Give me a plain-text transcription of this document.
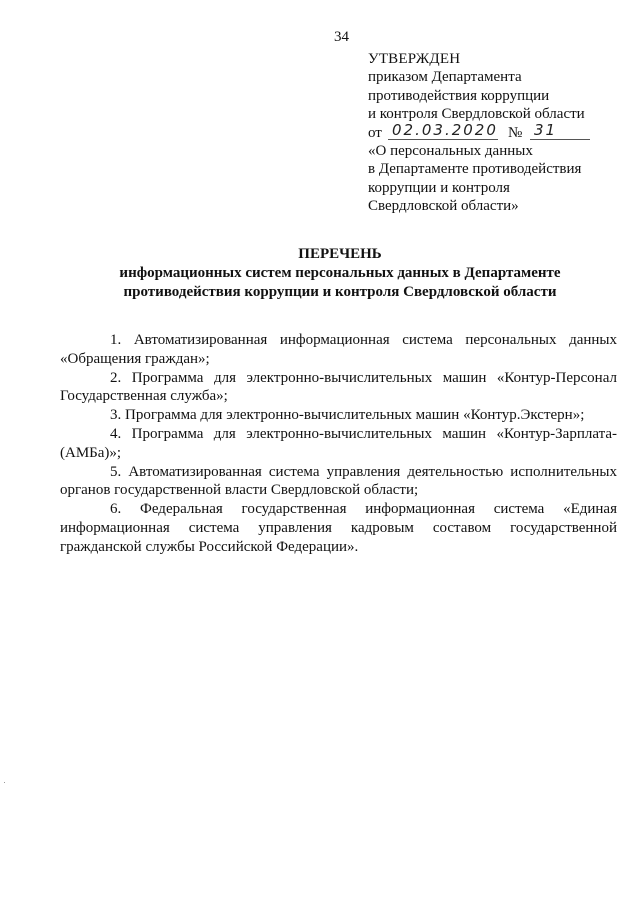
34
УТВЕРЖДЕН
приказом Департамента
противодействия коррупции
и контроля Свердловской области
от 02.03.2020 № 31
«О персональных данных
в Департаменте противодействия
коррупции и контроля
Свердловской области»
ПЕРЕЧЕНЬ
информационных систем персональных данных в Департаменте
противодействия коррупции и контроля Свердловской области

1. Автоматизированная информационная система персональных данных «Обращения граждан»;

2. Программа для электронно-вычислительных машин «Контур-Персонал Государственная служба»;

3. Программа для электронно-вычислительных машин «Контур.Экстерн»;

4. Программа для электронно-вычислительных машин «Контур-Зарплата-(АМБа)»;

5. Автоматизированная система управления деятельностью исполнительных органов государственной власти Свердловской области;

6. Федеральная государственная информационная система «Единая информационная система управления кадровым составом государственной гражданской службы Российской Федерации».
